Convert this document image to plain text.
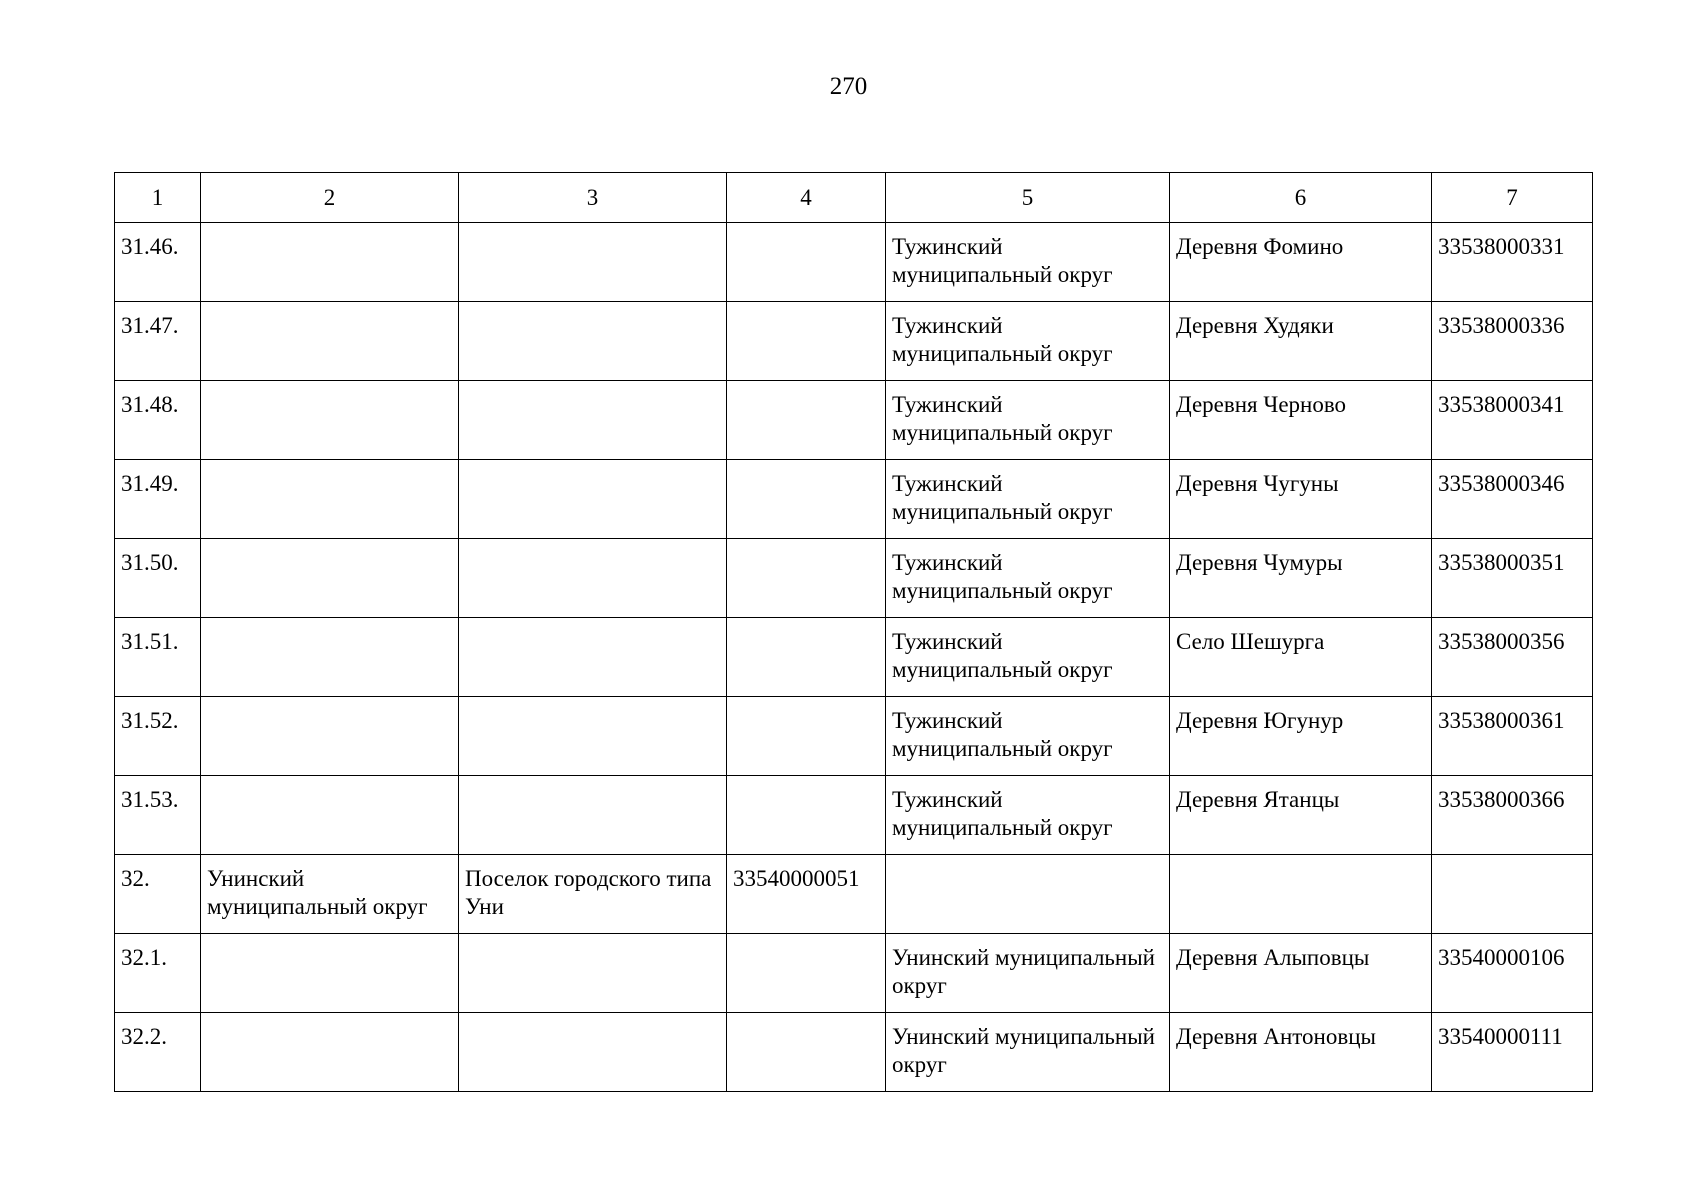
270
1	2	3	4	5	6	7
31.46.				Тужинский муниципальный округ	Деревня Фомино	33538000331
31.47.				Тужинский муниципальный округ	Деревня Худяки	33538000336
31.48.				Тужинский муниципальный округ	Деревня Черново	33538000341
31.49.				Тужинский муниципальный округ	Деревня Чугуны	33538000346
31.50.				Тужинский муниципальный округ	Деревня Чумуры	33538000351
31.51.				Тужинский муниципальный округ	Село Шешурга	33538000356
31.52.				Тужинский муниципальный округ	Деревня Югунур	33538000361
31.53.				Тужинский муниципальный округ	Деревня Ятанцы	33538000366
32.	Унинский муниципальный округ	Поселок городского типа Уни	33540000051			
32.1.				Унинский муниципальный округ	Деревня Алыповцы	33540000106
32.2.				Унинский муниципальный округ	Деревня Антоновцы	33540000111
